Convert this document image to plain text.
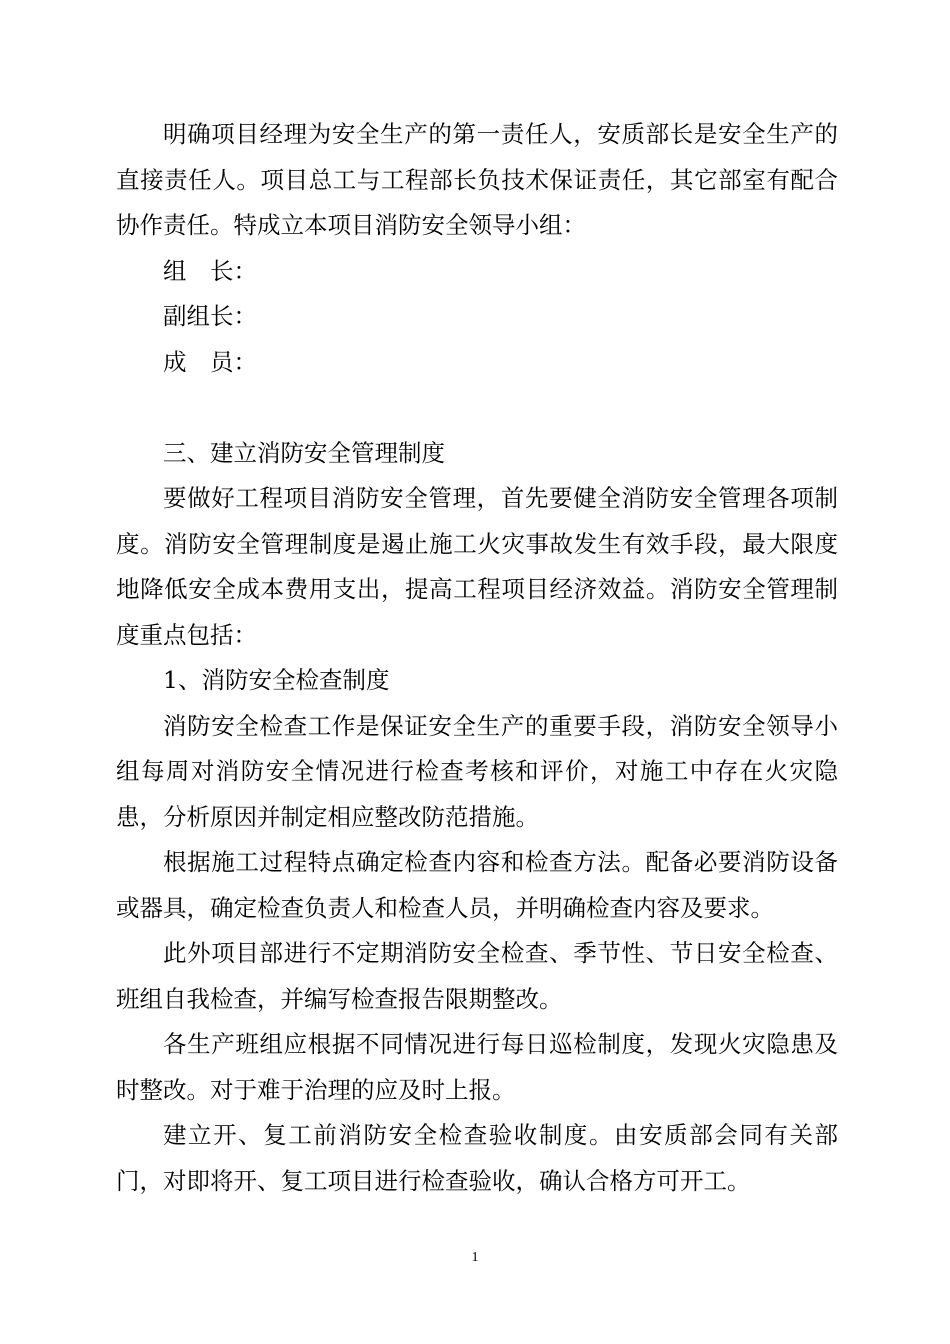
明确项目经理为安全生产的第一责任人，安质部长是安全生产的直接责任人。项目总工与工程部长负技术保证责任，其它部室有配合协作责任。特成立本项目消防安全领导小组：

组　长：

副组长：

成　员：

三、建立消防安全管理制度

要做好工程项目消防安全管理，首先要健全消防安全管理各项制度。消防安全管理制度是遏止施工火灾事故发生有效手段，最大限度地降低安全成本费用支出，提高工程项目经济效益。消防安全管理制度重点包括：

1、消防安全检查制度

消防安全检查工作是保证安全生产的重要手段，消防安全领导小组每周对消防安全情况进行检查考核和评价，对施工中存在火灾隐患，分析原因并制定相应整改防范措施。

根据施工过程特点确定检查内容和检查方法。配备必要消防设备或器具，确定检查负责人和检查人员，并明确检查内容及要求。

此外项目部进行不定期消防安全检查、季节性、节日安全检查、班组自我检查，并编写检查报告限期整改。

各生产班组应根据不同情况进行每日巡检制度，发现火灾隐患及时整改。对于难于治理的应及时上报。

建立开、复工前消防安全检查验收制度。由安质部会同有关部门，对即将开、复工项目进行检查验收，确认合格方可开工。

1
